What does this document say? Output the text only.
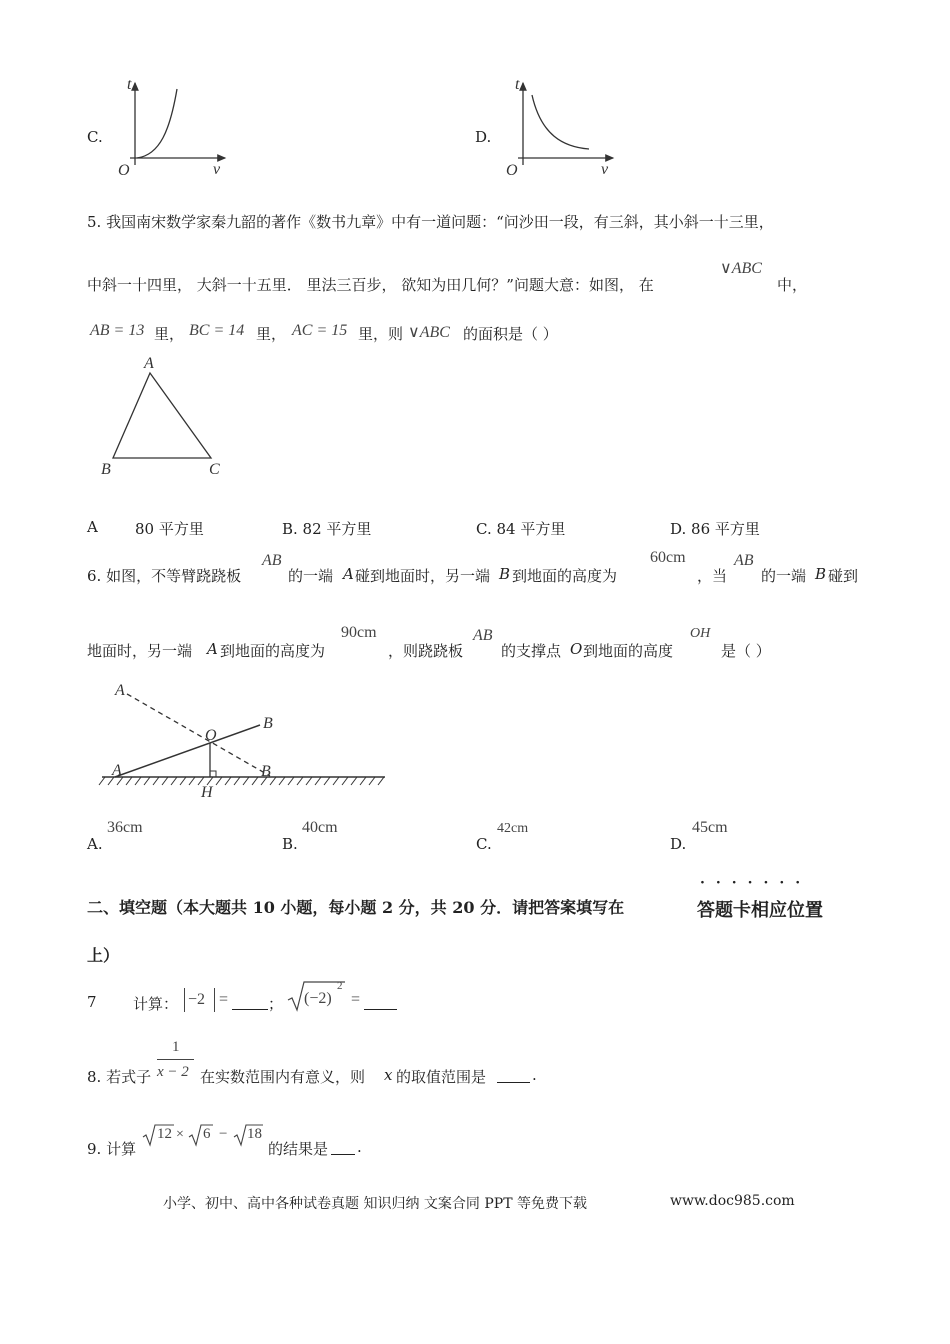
C.
t
v
O
D.
t
v
O
5. 我国南宋数学家秦九韶的著作《数书九章》中有一道问题：“问沙田一段，有三斜，其小斜一十三里，
中斜一十四里， 大斜一十五里． 里法三百步， 欲知为田几何？”问题大意：如图， 在
∨ABC
中，
AB = 13 里， BC = 14 里， AC = 15 里，则 ∨ABC 的面积是（ ）
A
B	C
A 80 平方里	B. 82 平方里	C. 84 平方里	D. 86 平方里
6. 如图，不等臂跷跷板
AB
的一端 A 碰到地面时，另一端 B 到地面的高度为
60cm
，当
AB
的一端 B 碰到
地面时，另一端 A 到地面的高度为
90cm
，则跷跷板
AB
的支撑点 O 到地面的高度
OH
是（ ）
A
B
O
A	B
H
A.
36cm
B.
40cm
C.
42cm
D.
45cm
二、填空题（本大题共 10 小题，每小题 2 分，共 20 分．请把答案填写在
·······
答题卡相应位置
上）
7 计算： −2 =	； (−2)
2
=
8. 若式子
1
x − 2 在实数范围内有意义，则 x 的取值范围是	.
9. 计算
12 × 6 − 18
的结果是 .
小学、初中、高中各种试卷真题 知识归纳 文案合同 PPT 等免费下载	www.doc985.com
